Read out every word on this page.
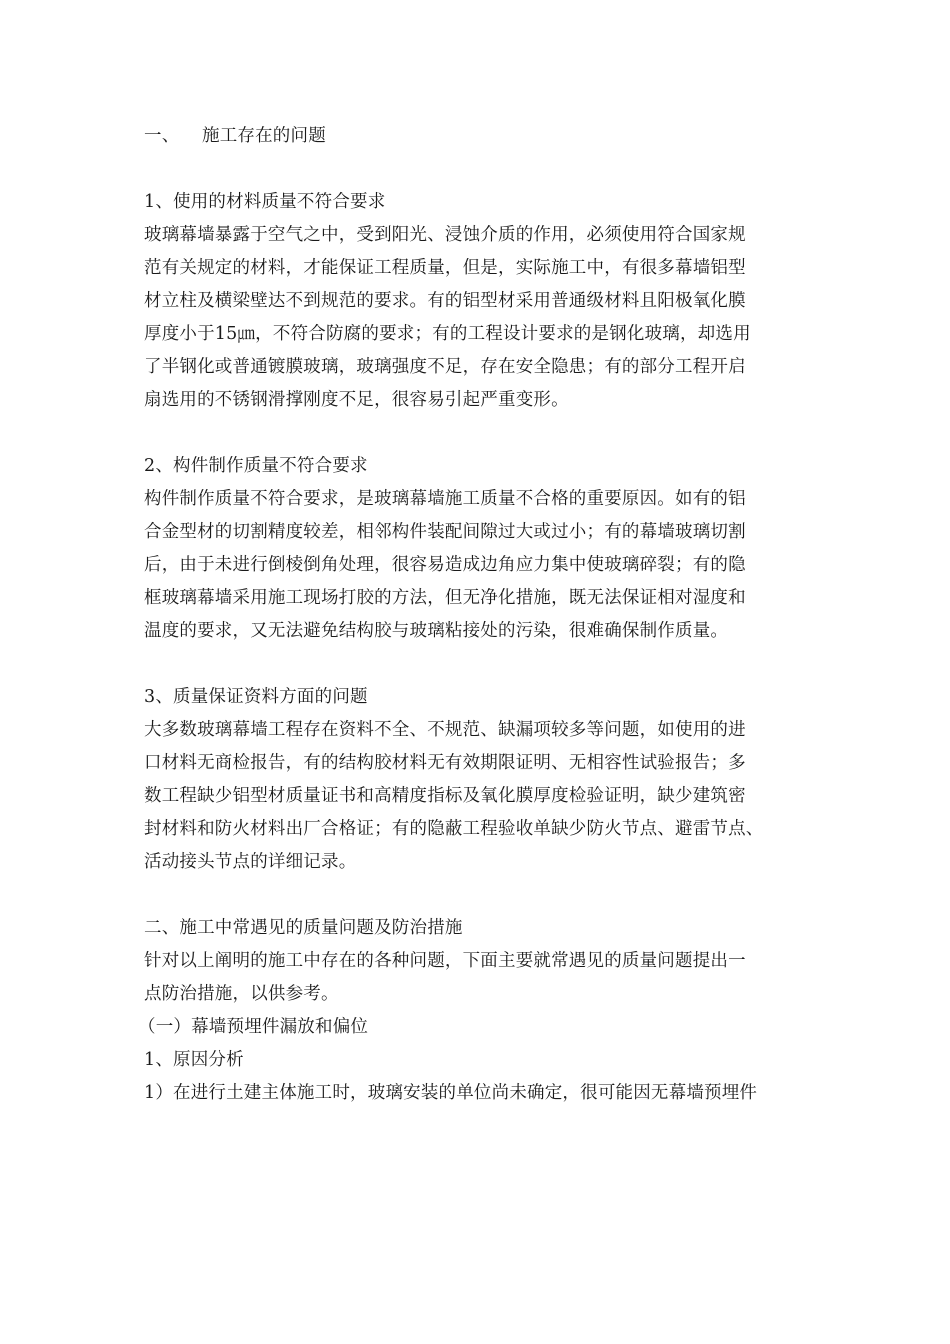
一、 施工存在的问题
1、使用的材料质量不符合要求
玻璃幕墙暴露于空气之中，受到阳光、浸蚀介质的作用，必须使用符合国家规
范有关规定的材料，才能保证工程质量，但是，实际施工中，有很多幕墙铝型
材立柱及横梁壁达不到规范的要求。有的铝型材采用普通级材料且阳极氧化膜
厚度小于15㎛，不符合防腐的要求；有的工程设计要求的是钢化玻璃，却选用
了半钢化或普通镀膜玻璃，玻璃强度不足，存在安全隐患；有的部分工程开启
扇选用的不锈钢滑撑刚度不足，很容易引起严重变形。
2、构件制作质量不符合要求
构件制作质量不符合要求，是玻璃幕墙施工质量不合格的重要原因。如有的铝
合金型材的切割精度较差，相邻构件装配间隙过大或过小；有的幕墙玻璃切割
后，由于未进行倒棱倒角处理，很容易造成边角应力集中使玻璃碎裂；有的隐
框玻璃幕墙采用施工现场打胶的方法，但无净化措施，既无法保证相对湿度和
温度的要求，又无法避免结构胶与玻璃粘接处的污染，很难确保制作质量。
3、质量保证资料方面的问题
大多数玻璃幕墙工程存在资料不全、不规范、缺漏项较多等问题，如使用的进
口材料无商检报告，有的结构胶材料无有效期限证明、无相容性试验报告；多
数工程缺少铝型材质量证书和高精度指标及氧化膜厚度检验证明，缺少建筑密
封材料和防火材料出厂合格证；有的隐蔽工程验收单缺少防火节点、避雷节点、
活动接头节点的详细记录。
二、施工中常遇见的质量问题及防治措施
针对以上阐明的施工中存在的各种问题，下面主要就常遇见的质量问题提出一
点防治措施，以供参考。
（一）幕墙预埋件漏放和偏位
1、原因分析
1）在进行土建主体施工时，玻璃安装的单位尚未确定，很可能因无幕墙预埋件
